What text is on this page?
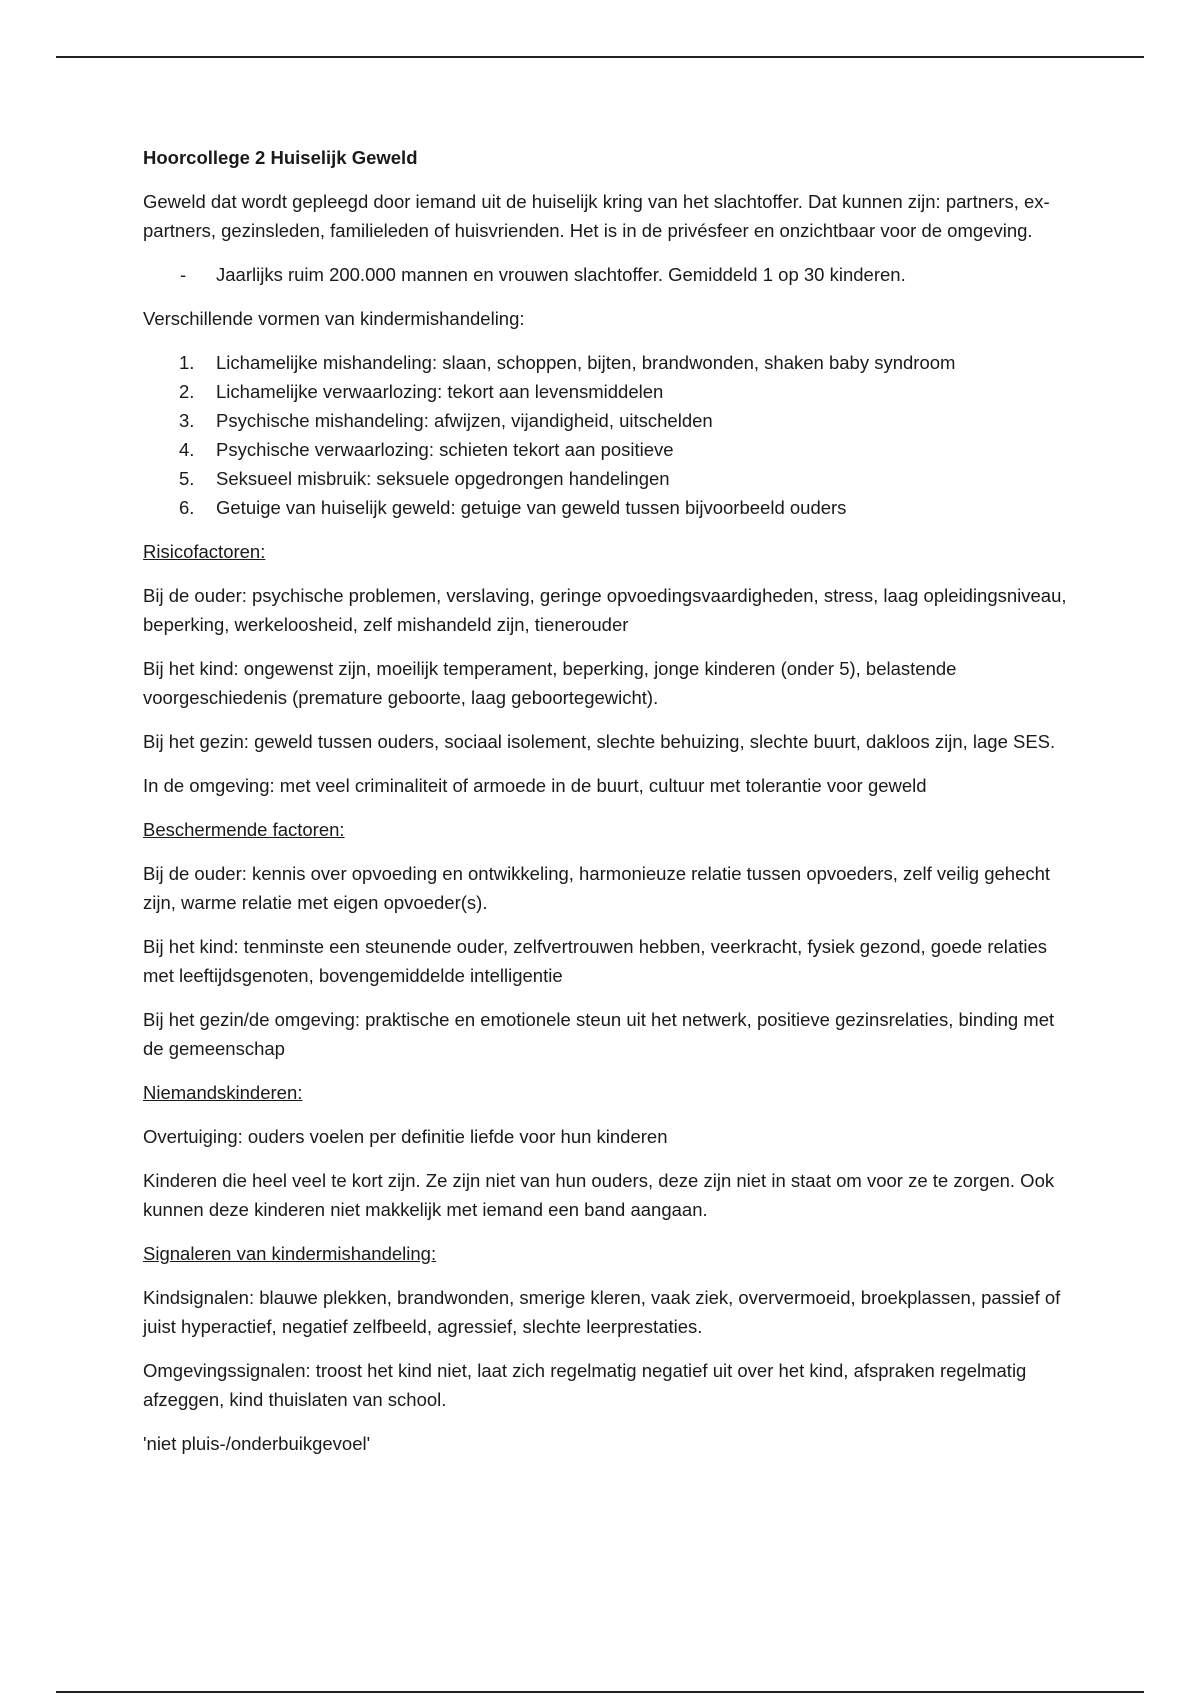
Hoorcollege 2 Huiselijk Geweld

Geweld dat wordt gepleegd door iemand uit de huiselijk kring van het slachtoffer. Dat kunnen zijn: partners, ex-partners, gezinsleden, familieleden of huisvrienden. Het is in de privésfeer en onzichtbaar voor de omgeving.

- Jaarlijks ruim 200.000 mannen en vrouwen slachtoffer. Gemiddeld 1 op 30 kinderen.

Verschillende vormen van kindermishandeling:

1. Lichamelijke mishandeling: slaan, schoppen, bijten, brandwonden, shaken baby syndroom
2. Lichamelijke verwaarlozing: tekort aan levensmiddelen
3. Psychische mishandeling: afwijzen, vijandigheid, uitschelden
4. Psychische verwaarlozing: schieten tekort aan positieve
5. Seksueel misbruik: seksuele opgedrongen handelingen
6. Getuige van huiselijk geweld: getuige van geweld tussen bijvoorbeeld ouders
Risicofactoren:

Bij de ouder: psychische problemen, verslaving, geringe opvoedingsvaardigheden, stress, laag opleidingsniveau, beperking, werkeloosheid, zelf mishandeld zijn, tienerouder

Bij het kind: ongewenst zijn, moeilijk temperament, beperking, jonge kinderen (onder 5), belastende voorgeschiedenis (premature geboorte, laag geboortegewicht).

Bij het gezin: geweld tussen ouders, sociaal isolement, slechte behuizing, slechte buurt, dakloos zijn, lage SES.

In de omgeving: met veel criminaliteit of armoede in de buurt, cultuur met tolerantie voor geweld

Beschermende factoren:

Bij de ouder: kennis over opvoeding en ontwikkeling, harmonieuze relatie tussen opvoeders, zelf veilig gehecht zijn, warme relatie met eigen opvoeder(s).

Bij het kind: tenminste een steunende ouder, zelfvertrouwen hebben, veerkracht, fysiek gezond, goede relaties met leeftijdsgenoten, bovengemiddelde intelligentie

Bij het gezin/de omgeving: praktische en emotionele steun uit het netwerk, positieve gezinsrelaties, binding met de gemeenschap

Niemandskinderen:

Overtuiging: ouders voelen per definitie liefde voor hun kinderen

Kinderen die heel veel te kort zijn. Ze zijn niet van hun ouders, deze zijn niet in staat om voor ze te zorgen. Ook kunnen deze kinderen niet makkelijk met iemand een band aangaan.

Signaleren van kindermishandeling:

Kindsignalen: blauwe plekken, brandwonden, smerige kleren, vaak ziek, oververmoeid, broekplassen, passief of juist hyperactief, negatief zelfbeeld, agressief, slechte leerprestaties.

Omgevingssignalen: troost het kind niet, laat zich regelmatig negatief uit over het kind, afspraken regelmatig afzeggen, kind thuislaten van school.

'niet pluis-/onderbuikgevoel'
